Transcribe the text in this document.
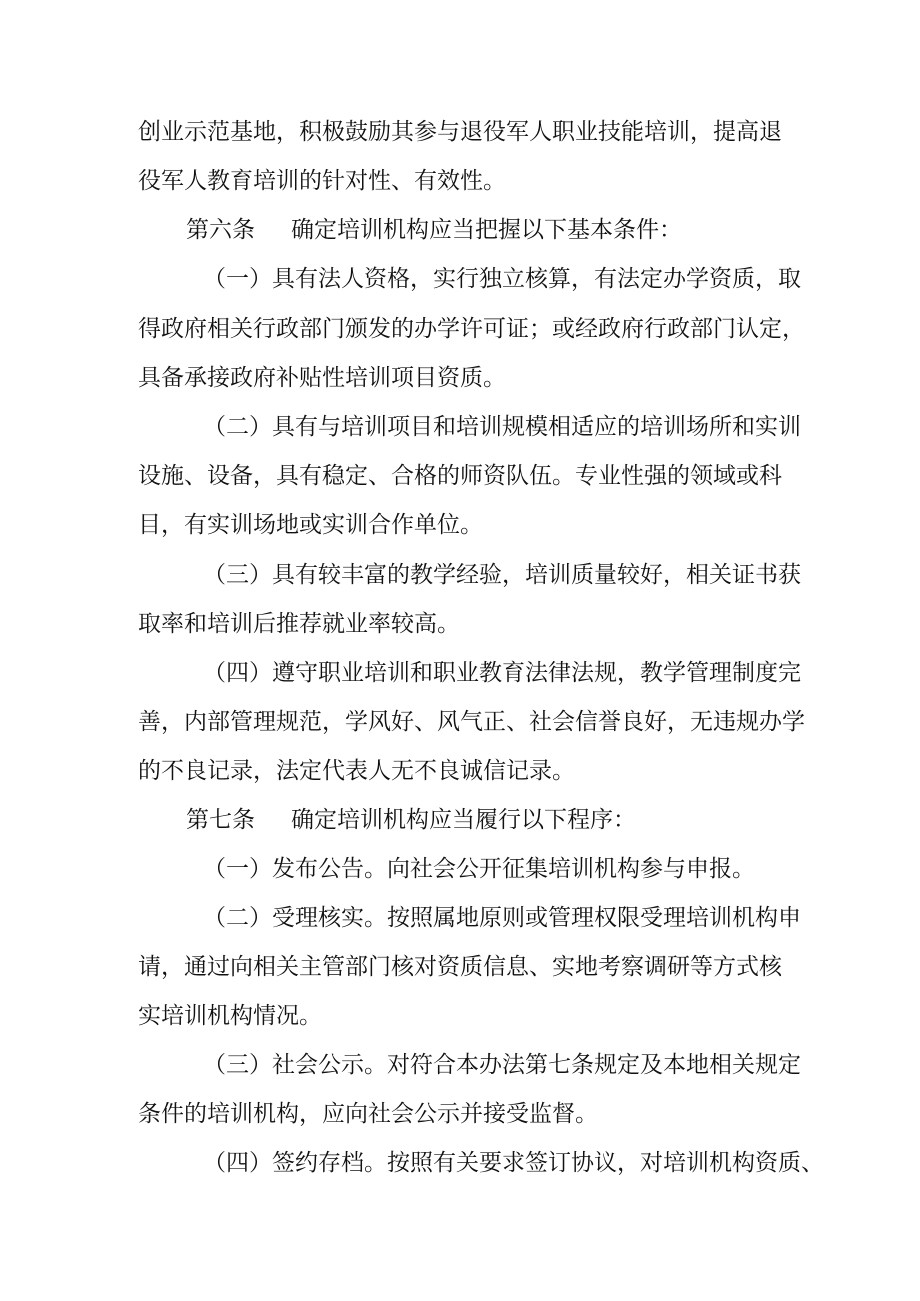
创业示范基地，积极鼓励其参与退役军人职业技能培训，提高退
役军人教育培训的针对性、有效性。
第六条 确定培训机构应当把握以下基本条件：
（一）具有法人资格，实行独立核算，有法定办学资质，取
得政府相关行政部门颁发的办学许可证；或经政府行政部门认定，
具备承接政府补贴性培训项目资质。
（二）具有与培训项目和培训规模相适应的培训场所和实训
设施、设备，具有稳定、合格的师资队伍。专业性强的领域或科
目，有实训场地或实训合作单位。
（三）具有较丰富的教学经验，培训质量较好，相关证书获
取率和培训后推荐就业率较高。
（四）遵守职业培训和职业教育法律法规，教学管理制度完
善，内部管理规范，学风好、风气正、社会信誉良好，无违规办学
的不良记录，法定代表人无不良诚信记录。
第七条 确定培训机构应当履行以下程序：
（一）发布公告。向社会公开征集培训机构参与申报。
（二）受理核实。按照属地原则或管理权限受理培训机构申
请，通过向相关主管部门核对资质信息、实地考察调研等方式核
实培训机构情况。
（三）社会公示。对符合本办法第七条规定及本地相关规定
条件的培训机构，应向社会公示并接受监督。
（四）签约存档。按照有关要求签订协议，对培训机构资质、
